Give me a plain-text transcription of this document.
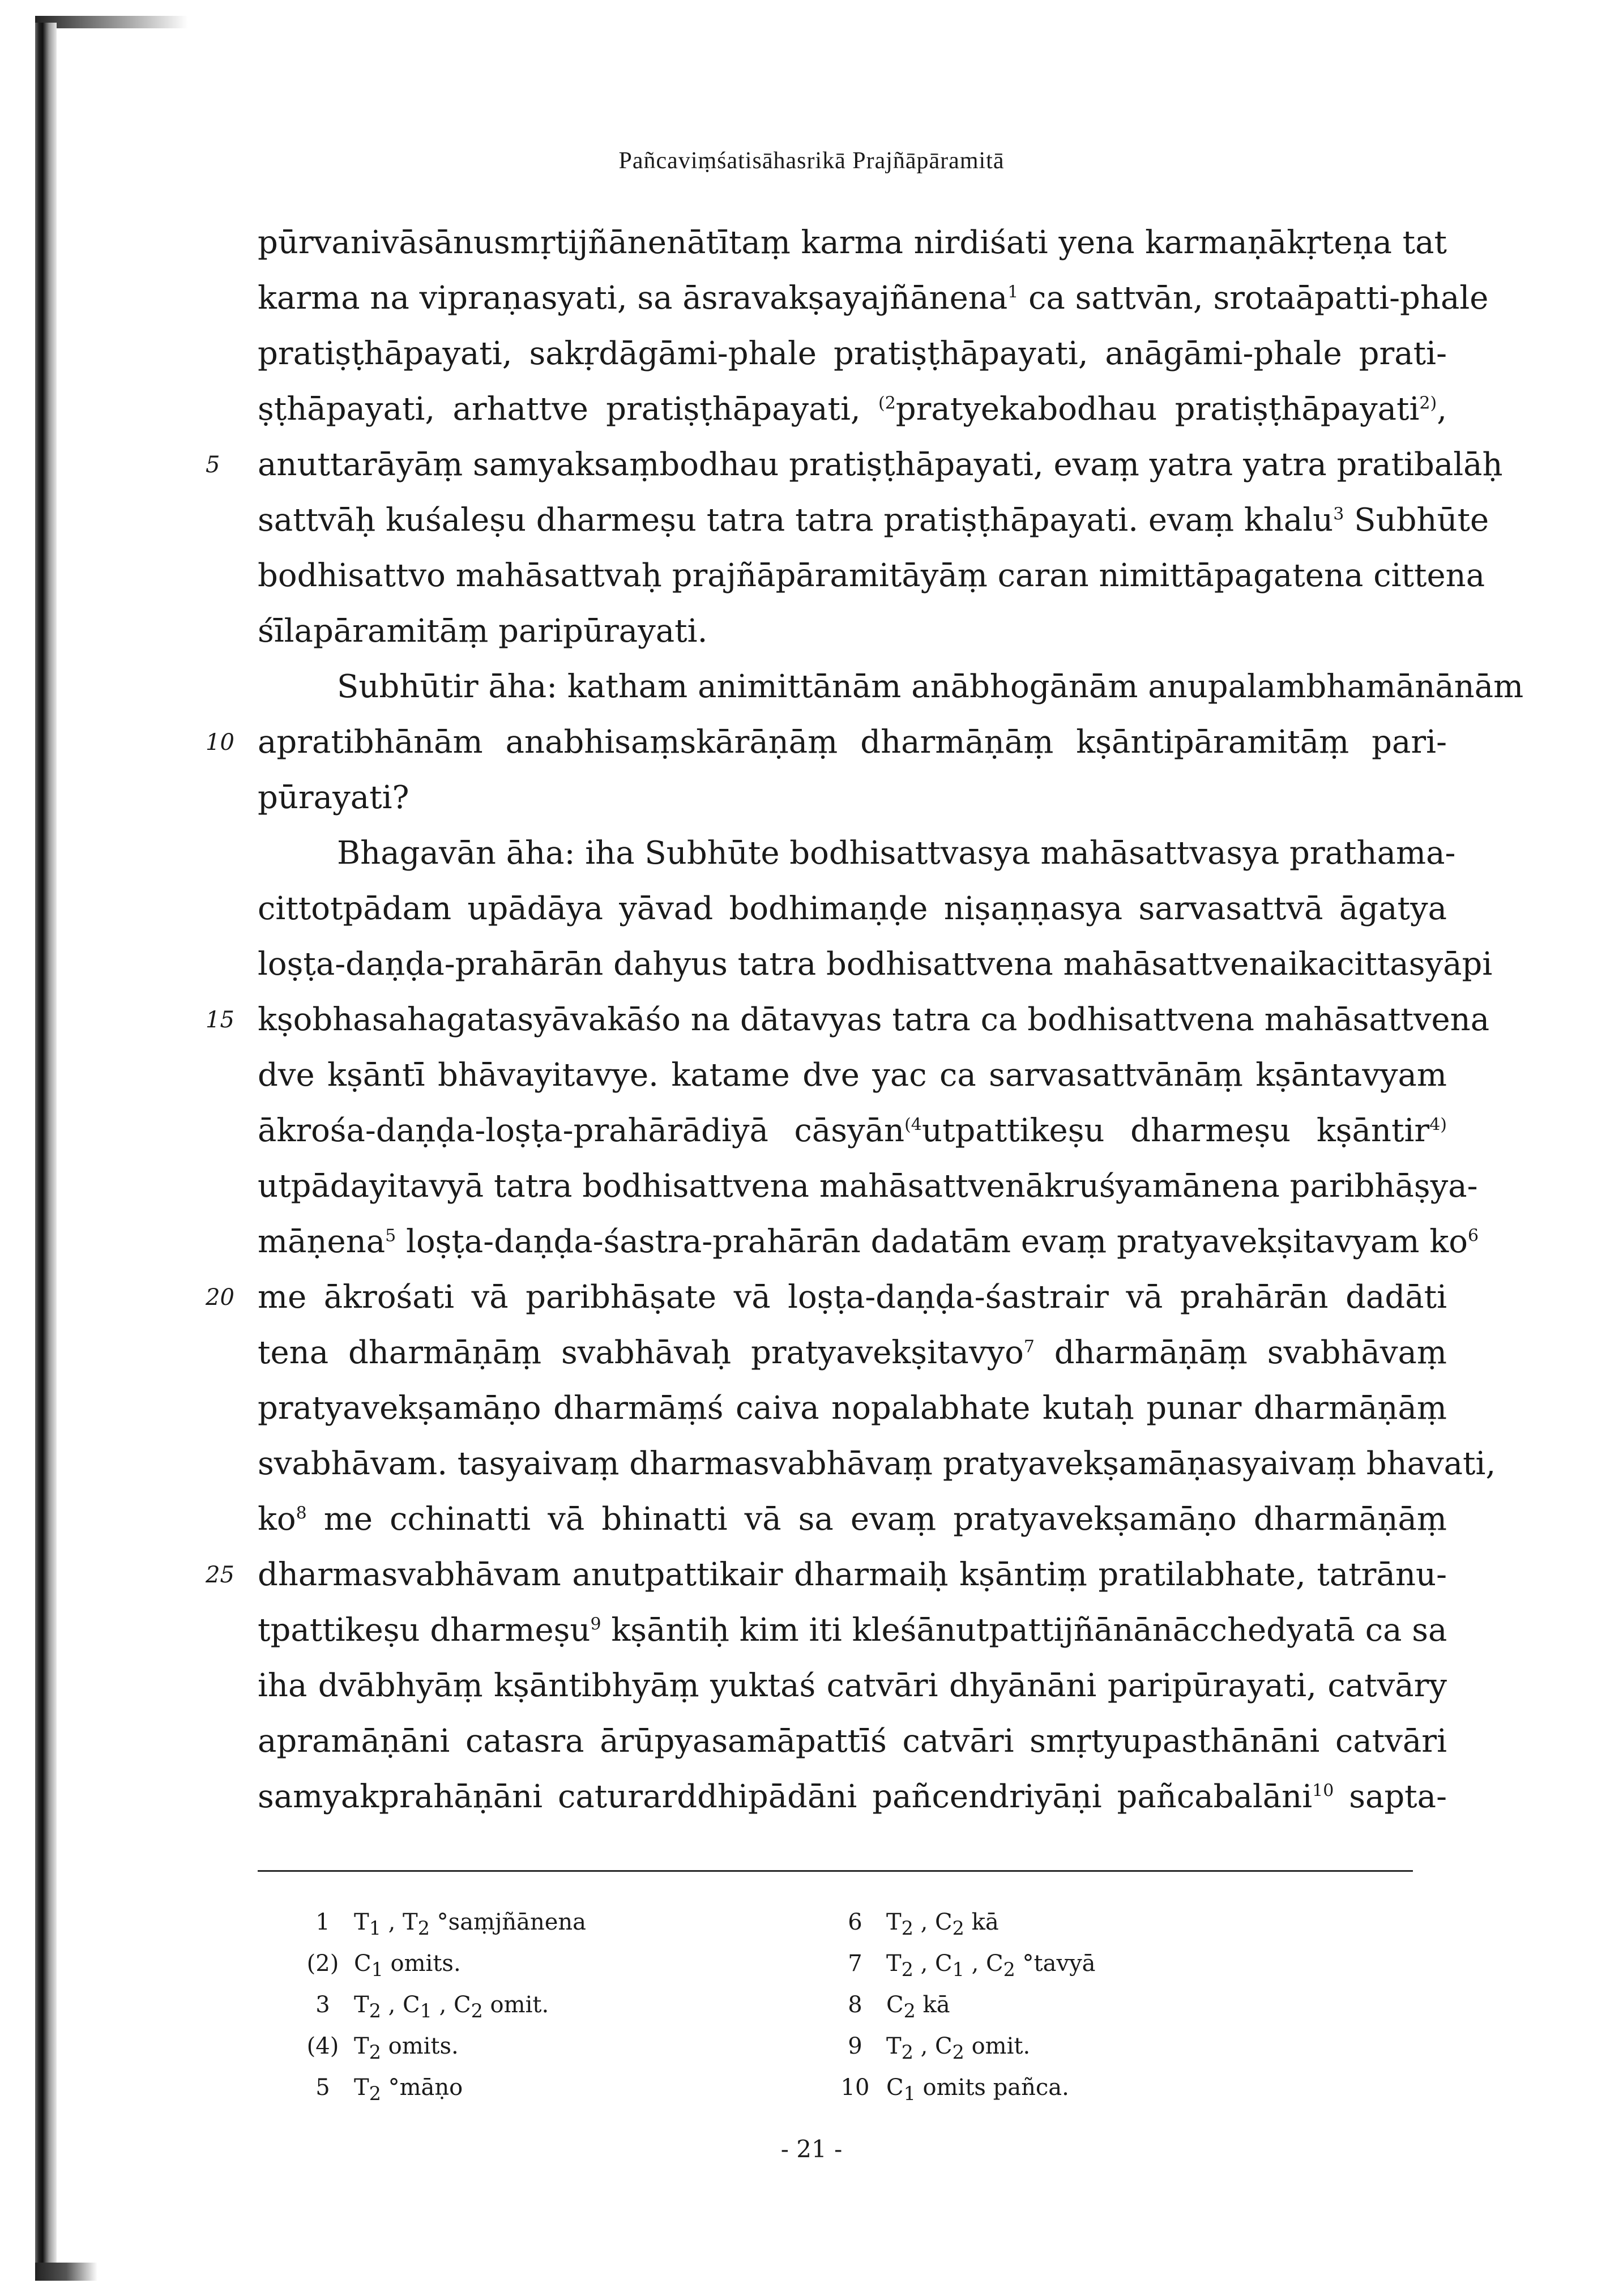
Pañcaviṃśatisāhasrikā Prajñāpāramitā
pūrvanivāsānusmṛtijñānenātītaṃ karma nirdiśati yena karmaṇākṛteṇa tat
karma na vipraṇasyati, sa āsravakṣayajñānena$^1$ ca sattvān, srotaāpatti-phale
pratiṣṭhāpayati, sakṛdāgāmi-phale pratiṣṭhāpayati, anāgāmi-phale prati-
ṣṭhāpayati, arhattve pratiṣṭhāpayati, $^{(2}$pratyekabodhau pratiṣṭhāpayati$^{2)}$,
5	anuttarāyāṃ samyaksaṃbodhau pratiṣṭhāpayati, evaṃ yatra yatra pratibalāḥ
sattvāḥ kuśaleṣu dharmeṣu tatra tatra pratiṣṭhāpayati. evaṃ khalu$^3$ Subhūte
bodhisattvo mahāsattvaḥ prajñāpāramitāyāṃ caran nimittāpagatena cittena
śīlapāramitāṃ paripūrayati.
Subhūtir āha: katham animittānām anābhogānām anupalambhamānānām
10 apratibhānām anabhisaṃskārāṇāṃ dharmāṇāṃ kṣāntipāramitāṃ pari-
pūrayati?
Bhagavān āha: iha Subhūte bodhisattvasya mahāsattvasya prathama-
cittotpādam upādāya yāvad bodhimaṇḍe niṣaṇṇasya sarvasattvā āgatya
loṣṭa-daṇḍa-prahārān dahyus tatra bodhisattvena mahāsattvenaikacittasyāpi
15 kṣobhasahagatasyāvakāśo na dātavyas tatra ca bodhisattvena mahāsattvena
dve kṣāntī bhāvayitavye. katame dve yac ca sarvasattvānāṃ kṣāntavyam
ākrośa-daṇḍa-loṣṭa-prahārādiyā cāsyān$^{(4}$utpattikeṣu dharmeṣu kṣāntir$^{4)}$
utpādayitavyā tatra bodhisattvena mahāsattvenākruśyamānena paribhāṣya-
māṇena$^5$ loṣṭa-daṇḍa-śastra-prahārān dadatām evaṃ pratyavekṣitavyam $ko^6$
20 me ākrośati vā paribhāṣate vā loṣṭa-daṇḍa-śastrair vā prahārān dadāti
tena dharmāṇāṃ svabhāvaḥ pratyavekṣitavyo$^7$ dharmāṇāṃ svabhāvaṃ
pratyavekṣamāṇo dharmāṃś caiva nopalabhate kutaḥ punar dharmāṇāṃ
svabhāvam. tasyaivaṃ dharmasvabhāvaṃ pratyavekṣamāṇasyaivaṃ bhavati,
$ko^8$ me cchinatti vā bhinatti vā sa evaṃ pratyavekṣamāṇo dharmāṇāṃ
25 dharmasvabhāvam anutpattikair dharmaiḥ kṣāntiṃ pratilabhate, tatrānu-
tpattikeṣu dharmeṣu$^9$ kṣāntiḥ kim iti kleśānutpattijñānānācchedyatā ca sa
iha dvābhyāṃ kṣāntibhyāṃ yuktaś catvāri dhyānāni paripūrayati, catvāry
apramāṇāni catasra ārūpyasamāpattīś catvāri smṛtyupasthānāni catvāri
samyakprahāṇāni caturarddhipādāni pañcendriyāṇi pañcabalāni$^{10}$ sapta-
1 $T_1$ , $T_2$ °saṃjñānena
(2) $C_1$ omits.
3 $T_2$ , $C_1$ , $C_2$ omit.
(4) $T_2$ omits.
5 $T_2$ °māṇo
6 $T_2$ , $C_2$ kā
7 $T_2$ , $C_1$ , $C_2$ °tavyā
8 $C_2$ kā
9 $T_2$ , $C_2$ omit.
10 $C_1$ omits pañca.
- 21 -
